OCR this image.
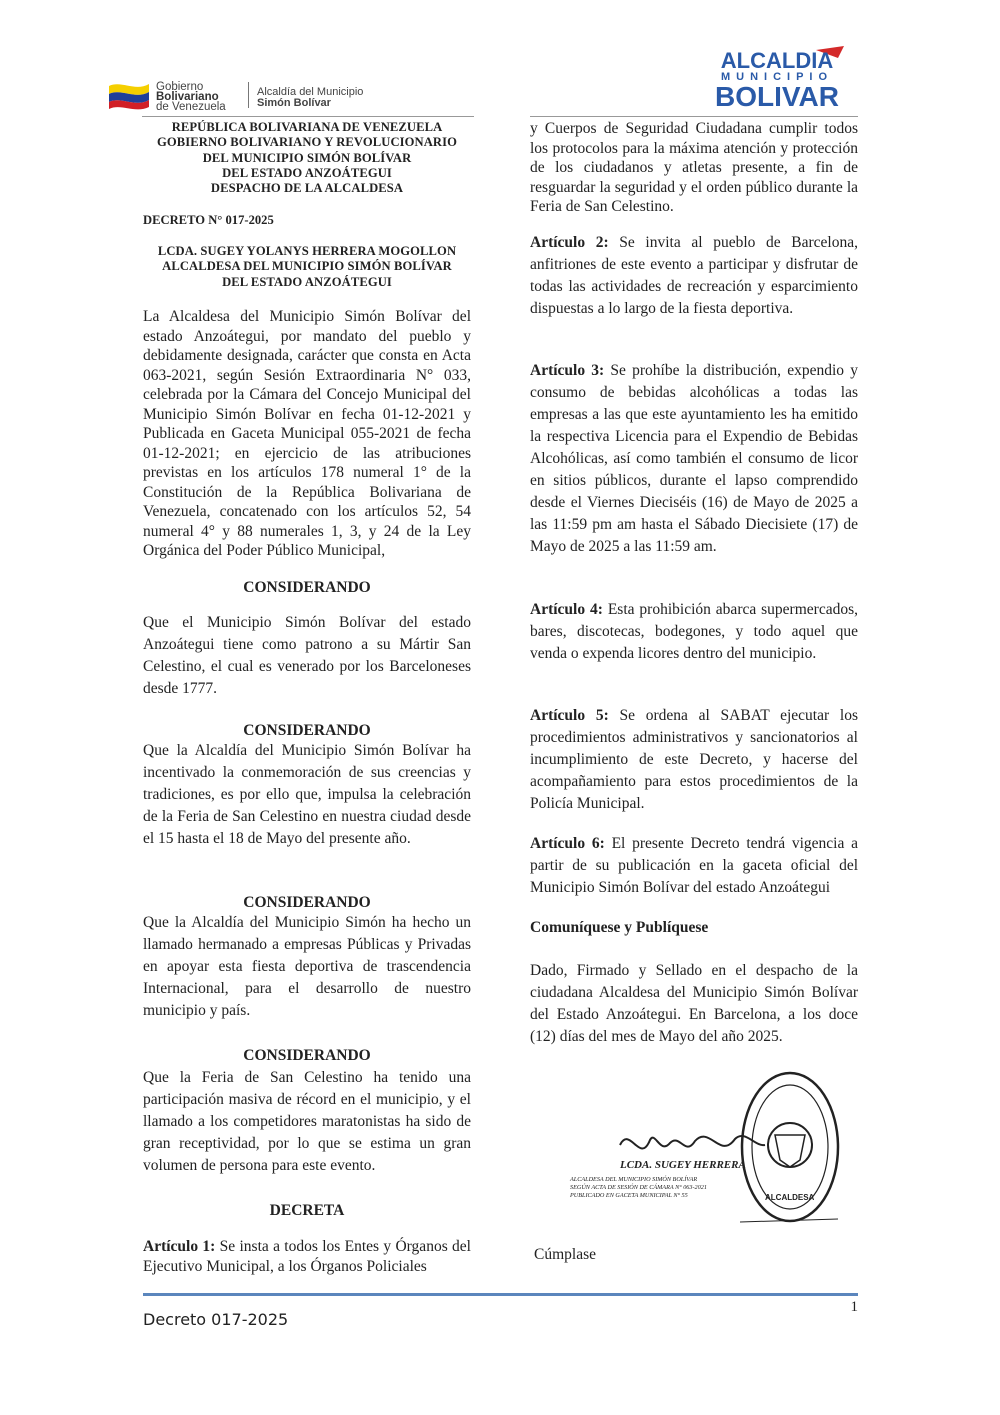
Gobierno
Bolivariano
de Venezuela
Alcaldía del Municipio
Simón Bolívar
ALCALDIA
MUNICIPIO
BOLIVAR
REPÚBLICA BOLIVARIANA DE VENEZUELA
GOBIERNO BOLIVARIANO Y REVOLUCIONARIO
DEL MUNICIPIO SIMÓN BOLÍVAR
DEL ESTADO ANZOÁTEGUI
DESPACHO DE LA ALCALDESA
DECRETO N° 017-2025
LCDA. SUGEY YOLANYS HERRERA MOGOLLON
ALCALDESA DEL MUNICIPIO SIMÓN BOLÍVAR
DEL ESTADO ANZOÁTEGUI
La Alcaldesa del Municipio Simón Bolívar del estado Anzoátegui, por mandato del pueblo y debidamente designada, carácter que consta en Acta 063-2021, según Sesión Extraordinaria N° 033, celebrada por la Cámara del Concejo Municipal del Municipio Simón Bolívar en fecha 01-12-2021 y Publicada en Gaceta Municipal 055-2021 de fecha 01-12-2021; en ejercicio de las atribuciones previstas en los artículos 178 numeral 1° de la Constitución de la República Bolivariana de Venezuela, concatenado con los artículos 52, 54 numeral 4° y 88 numerales 1, 3, y 24 de la Ley Orgánica del Poder Público Municipal,
CONSIDERANDO
Que el Municipio Simón Bolívar del estado Anzoátegui tiene como patrono a su Mártir San Celestino, el cual es venerado por los Barceloneses desde 1777.
CONSIDERANDO
Que la Alcaldía del Municipio Simón Bolívar ha incentivado la conmemoración de sus creencias y tradiciones, es por ello que, impulsa la celebración de la Feria de San Celestino en nuestra ciudad desde el 15 hasta el 18 de Mayo del presente año.
CONSIDERANDO
Que la Alcaldía del Municipio Simón ha hecho un llamado hermanado a empresas Públicas y Privadas en apoyar esta fiesta deportiva de trascendencia Internacional, para el desarrollo de nuestro municipio y país.
CONSIDERANDO
Que la Feria de San Celestino ha tenido una participación masiva de récord en el municipio, y el llamado a los competidores maratonistas ha sido de gran receptividad, por lo que se estima un gran volumen de persona para este evento.
DECRETA
Artículo 1: Se insta a todos los Entes y Órganos del Ejecutivo Municipal, a los Órganos Policiales
y Cuerpos de Seguridad Ciudadana cumplir todos los protocolos para la máxima atención y protección de los ciudadanos y atletas presente, a fin de resguardar la seguridad y el orden público durante la Feria de San Celestino.
Artículo 2: Se invita al pueblo de Barcelona, anfitriones de este evento a participar y disfrutar de todas las actividades de recreación y esparcimiento dispuestas a lo largo de la fiesta deportiva.
Artículo 3: Se prohíbe la distribución, expendio y consumo de bebidas alcohólicas a todas las empresas a las que este ayuntamiento les ha emitido la respectiva Licencia para el Expendio de Bebidas Alcohólicas, así como también el consumo de licor en sitios públicos, durante el lapso comprendido desde el Viernes Dieciséis (16) de Mayo de 2025 a las 11:59 pm am hasta el Sábado Diecisiete (17) de Mayo de 2025 a las 11:59 am.
Artículo 4: Esta prohibición abarca supermercados, bares, discotecas, bodegones, y todo aquel que venda o expenda licores dentro del municipio.
Artículo 5: Se ordena al SABAT ejecutar los procedimientos administrativos y sancionatorios al incumplimiento de este Decreto, y hacerse del acompañamiento para estos procedimientos de la Policía Municipal.
Artículo 6: El presente Decreto tendrá vigencia a partir de su publicación en la gaceta oficial del Municipio Simón Bolívar del estado Anzoátegui
Comuníquese y Publíquese
Dado, Firmado y Sellado en el despacho de la ciudadana Alcaldesa del Municipio Simón Bolívar del Estado Anzoátegui. En Barcelona, a los doce (12) días del mes de Mayo del año 2025.
LCDA. SUGEY HERRERA
ALCALDESA DEL MUNICIPIO SIMÓN BOLÍVAR
SEGÚN ACTA DE SESIÓN DE CÁMARA N° 063-2021
PUBLICADO EN GACETA MUNICIPAL N° 55	ALCALDESA
Cúmplase
1
Decreto 017-2025
